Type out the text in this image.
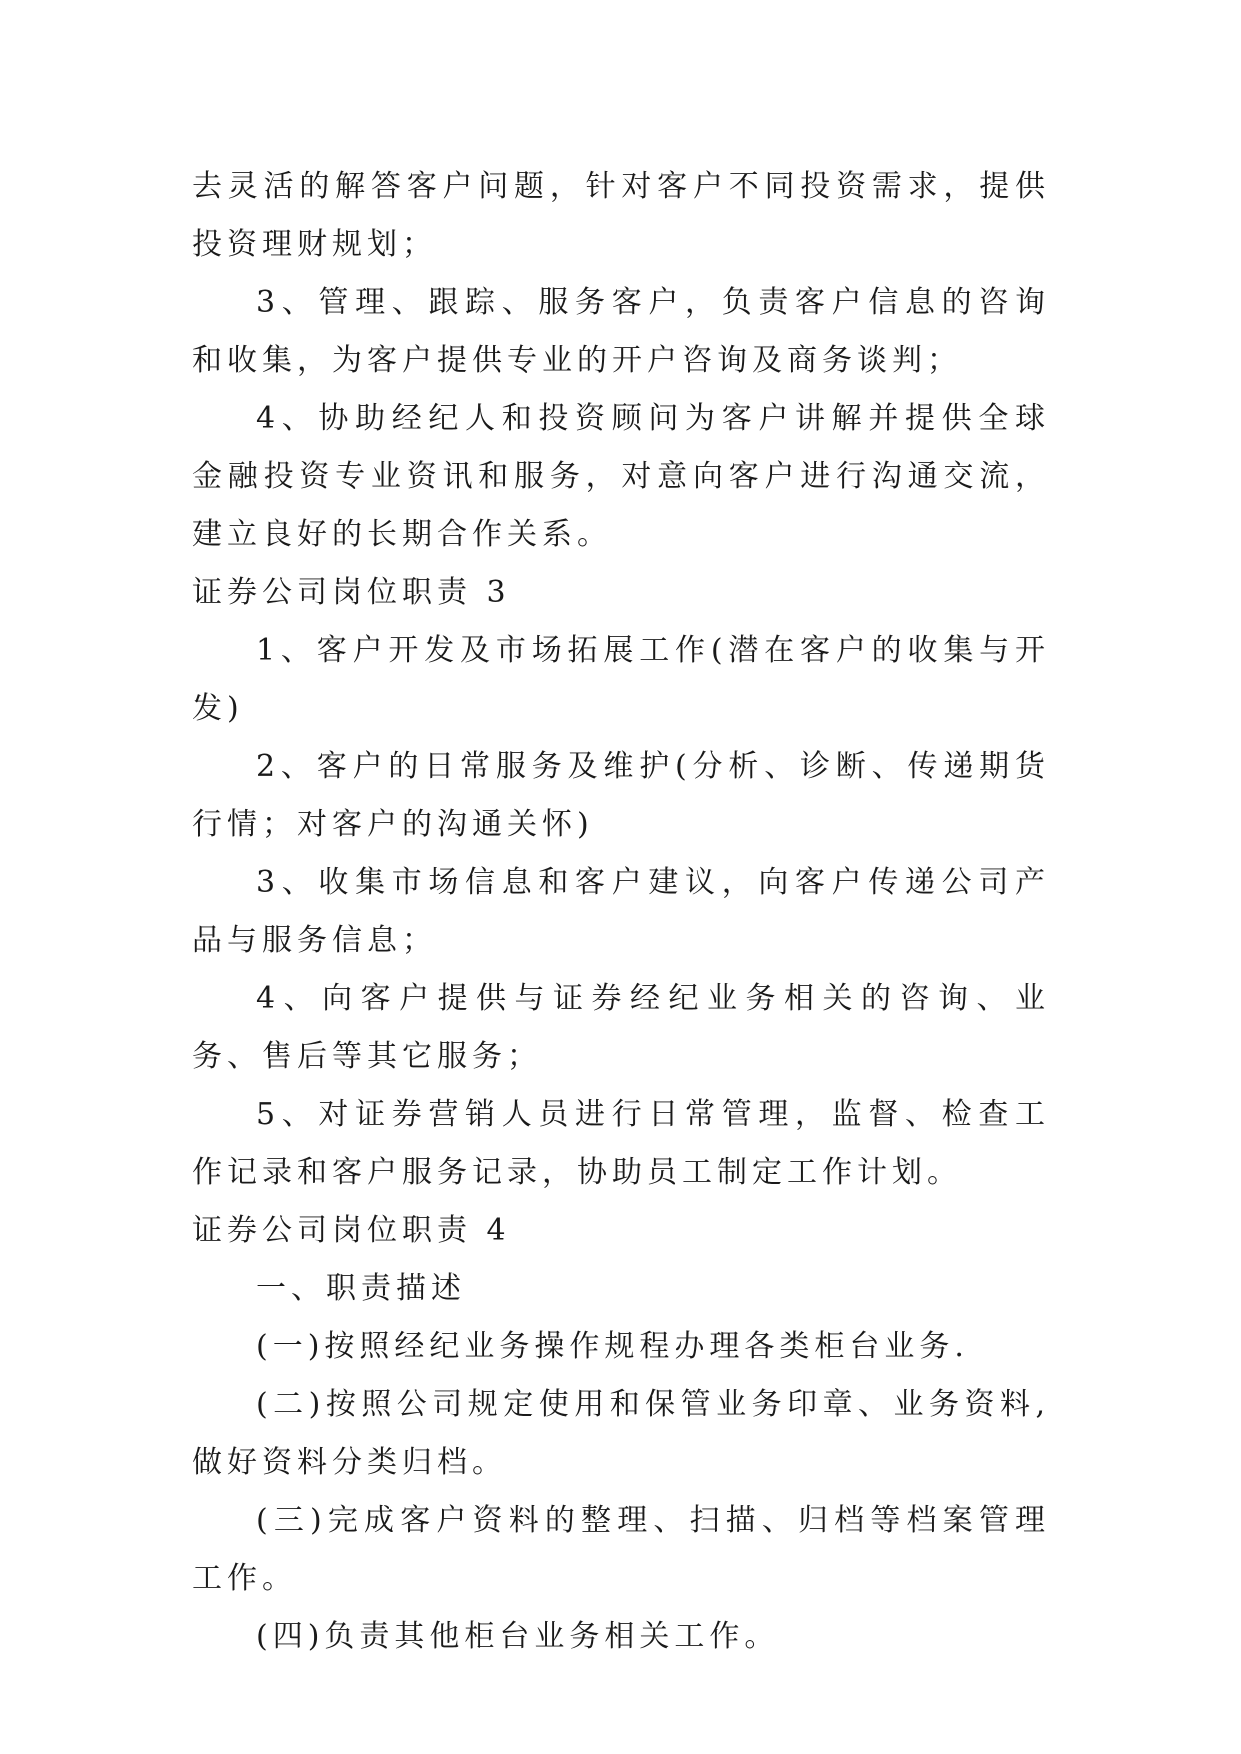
去灵活的解答客户问题，针对客户不同投资需求，提供投资理财规划；

3、管理、跟踪、服务客户，负责客户信息的咨询和收集，为客户提供专业的开户咨询及商务谈判；

4、协助经纪人和投资顾问为客户讲解并提供全球金融投资专业资讯和服务，对意向客户进行沟通交流，建立良好的长期合作关系。

证券公司岗位职责 3

1、客户开发及市场拓展工作(潜在客户的收集与开发)

2、客户的日常服务及维护(分析、诊断、传递期货行情；对客户的沟通关怀)

3、收集市场信息和客户建议，向客户传递公司产品与服务信息；

4、向客户提供与证券经纪业务相关的咨询、业务、售后等其它服务；

5、对证券营销人员进行日常管理，监督、检查工作记录和客户服务记录，协助员工制定工作计划。

证券公司岗位职责 4

一、职责描述

(一)按照经纪业务操作规程办理各类柜台业务.

(二)按照公司规定使用和保管业务印章、业务资料,做好资料分类归档。

(三)完成客户资料的整理、扫描、归档等档案管理工作。

(四)负责其他柜台业务相关工作。
